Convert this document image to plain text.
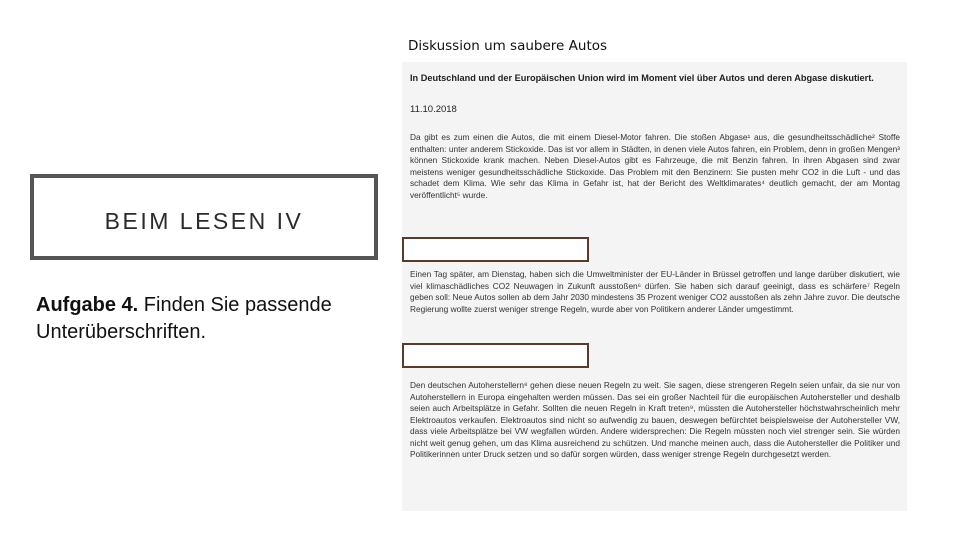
BEIM LESEN IV
Aufgabe 4. Finden Sie passende Unterüberschriften.
Diskussion um saubere Autos
In Deutschland und der Europäischen Union wird im Moment viel über Autos und deren Abgase diskutiert.
11.10.2018
Da gibt es zum einen die Autos, die mit einem Diesel-Motor fahren. Die stoßen Abgase¹ aus, die gesundheitsschädliche² Stoffe enthalten: unter anderem Stickoxide. Das ist vor allem in Städten, in denen viele Autos fahren, ein Problem, denn in großen Mengen³ können Stickoxide krank machen. Neben Diesel-Autos gibt es Fahrzeuge, die mit Benzin fahren. In ihren Abgasen sind zwar meistens weniger gesundheitsschädliche Stickoxide. Das Problem mit den Benzinern: Sie pusten mehr CO2 in die Luft - und das schadet dem Klima. Wie sehr das Klima in Gefahr ist, hat der Bericht des Weltklimarates⁴ deutlich gemacht, der am Montag veröffentlicht⁵ wurde.
Einen Tag später, am Dienstag, haben sich die Umweltminister der EU-Länder in Brüssel getroffen und lange darüber diskutiert, wie viel klimaschädliches CO2 Neuwagen in Zukunft ausstoßen⁶ dürfen. Sie haben sich darauf geeinigt, dass es schärfere⁷ Regeln geben soll: Neue Autos sollen ab dem Jahr 2030 mindestens 35 Prozent weniger CO2 ausstoßen als zehn Jahre zuvor. Die deutsche Regierung wollte zuerst weniger strenge Regeln, wurde aber von Politikern anderer Länder umgestimmt.
Den deutschen Autoherstellern⁸ gehen diese neuen Regeln zu weit. Sie sagen, diese strengeren Regeln seien unfair, da sie nur von Autoherstellern in Europa eingehalten werden müssen. Das sei ein großer Nachteil für die europäischen Autohersteller und deshalb seien auch Arbeitsplätze in Gefahr. Sollten die neuen Regeln in Kraft treten⁹, müssten die Autohersteller höchstwahrscheinlich mehr Elektroautos verkaufen. Elektroautos sind nicht so aufwendig zu bauen, deswegen befürchtet beispielsweise der Autohersteller VW, dass viele Arbeitsplätze bei VW wegfallen würden. Andere widersprechen: Die Regeln müssten noch viel strenger sein. Sie würden nicht weit genug gehen, um das Klima ausreichend zu schützen. Und manche meinen auch, dass die Autohersteller die Politiker und Politikerinnen unter Druck setzen und so dafür sorgen würden, dass weniger strenge Regeln durchgesetzt werden.
